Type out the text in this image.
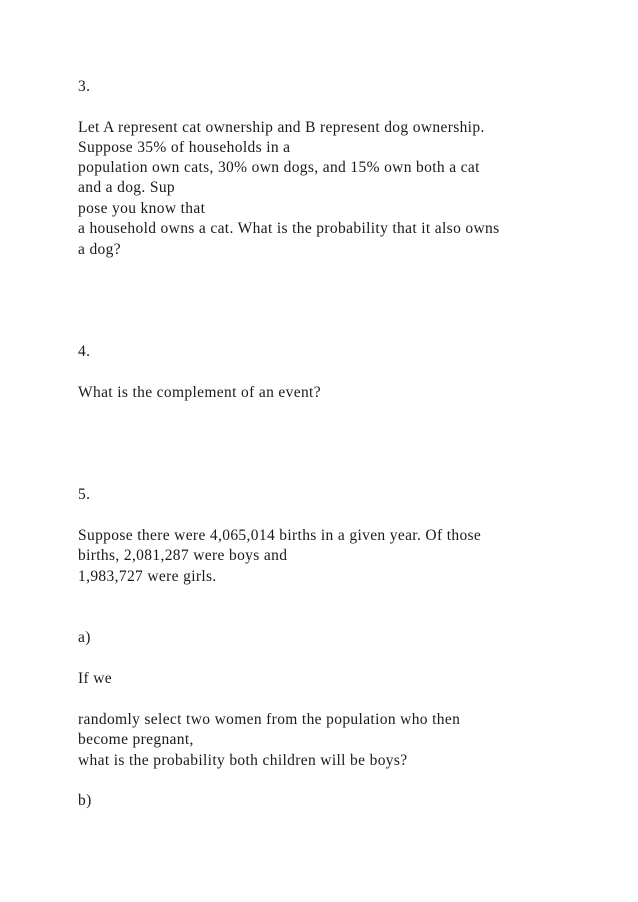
3.
Let A represent cat ownership and B represent dog ownership.
Suppose 35% of households in a
population own cats, 30% own dogs, and 15% own both a cat
and a dog. Sup
pose you know that
a household owns a cat. What is the probability that it also owns
a dog?
4.
What is the complement of an event?
5.
Suppose there were 4,065,014 births in a given year. Of those
births, 2,081,287 were boys and
1,983,727 were girls.
a)
If we
randomly select two women from the population who then
become pregnant,
what is the probability both children will be boys?
b)
